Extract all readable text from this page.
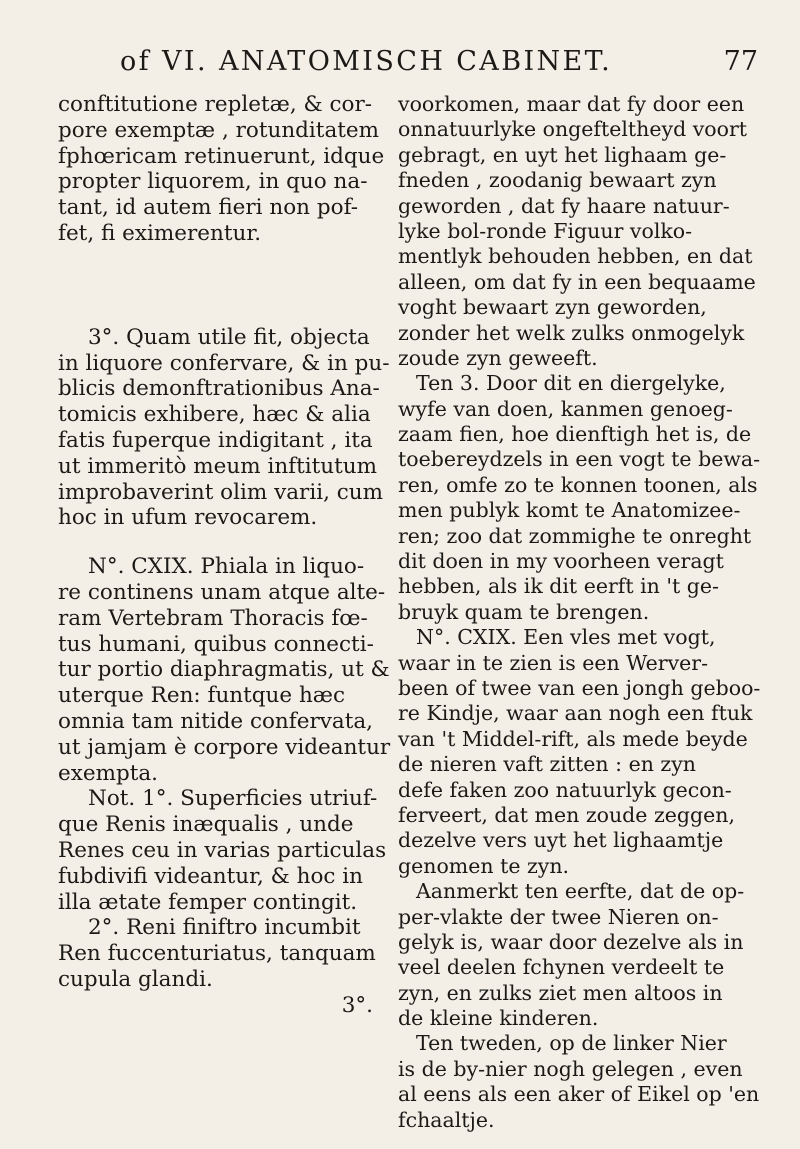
of VI. ANATOMISCH CABINET.	77
conftitutione repletæ, & cor-
pore exemptæ , rotunditatem
fphœricam retinuerunt, idque
propter liquorem, in quo na-
tant, id autem fieri non pof-
fet, fi eximerentur.
3°. Quam utile fit, objecta
in liquore confervare, & in pu-
blicis demonftrationibus Ana-
tomicis exhibere, hæc & alia
fatis fuperque indigitant , ita
ut immeritò meum inftitutum
improbaverint olim varii, cum
hoc in ufum revocarem.
N°. CXIX. Phiala in liquo-
re continens unam atque alte-
ram Vertebram Thoracis fœ-
tus humani, quibus connecti-
tur portio diaphragmatis, ut &
uterque Ren: funtque hæc
omnia tam nitide confervata,
ut jamjam è corpore videantur
exempta.
Not. 1°. Superficies utriuf-
que Renis inæqualis , unde
Renes ceu in varias particulas
fubdivifi videantur, & hoc in
illa ætate femper contingit.
2°. Reni finiftro incumbit
Ren fuccenturiatus, tanquam
cupula glandi.
3°.
voorkomen, maar dat fy door een
onnatuurlyke ongefteltheyd voort
gebragt, en uyt het lighaam ge-
fneden , zoodanig bewaart zyn
geworden , dat fy haare natuur-
lyke bol-ronde Figuur volko-
mentlyk behouden hebben, en dat
alleen, om dat fy in een bequaame
voght bewaart zyn geworden,
zonder het welk zulks onmogelyk
zoude zyn geweeft.
Ten 3. Door dit en diergelyke,
wyfe van doen, kanmen genoeg-
zaam fien, hoe dienftigh het is, de
toebereydzels in een vogt te bewa-
ren, omfe zo te konnen toonen, als
men publyk komt te Anatomizee-
ren; zoo dat zommighe te onreght
dit doen in my voorheen veragt
hebben, als ik dit eerft in 't ge-
bruyk quam te brengen.
N°. CXIX. Een vles met vogt,
waar in te zien is een Werver-
been of twee van een jongh geboo-
re Kindje, waar aan nogh een ftuk
van 't Middel-rift, als mede beyde
de nieren vaft zitten : en zyn
defe faken zoo natuurlyk gecon-
ferveert, dat men zoude zeggen,
dezelve vers uyt het lighaamtje
genomen te zyn.
Aanmerkt ten eerfte, dat de op-
per-vlakte der twee Nieren on-
gelyk is, waar door dezelve als in
veel deelen fchynen verdeelt te
zyn, en zulks ziet men altoos in
de kleine kinderen.
Ten tweden, op de linker Nier
is de by-nier nogh gelegen , even
al eens als een aker of Eikel op 'en
fchaaltje.
